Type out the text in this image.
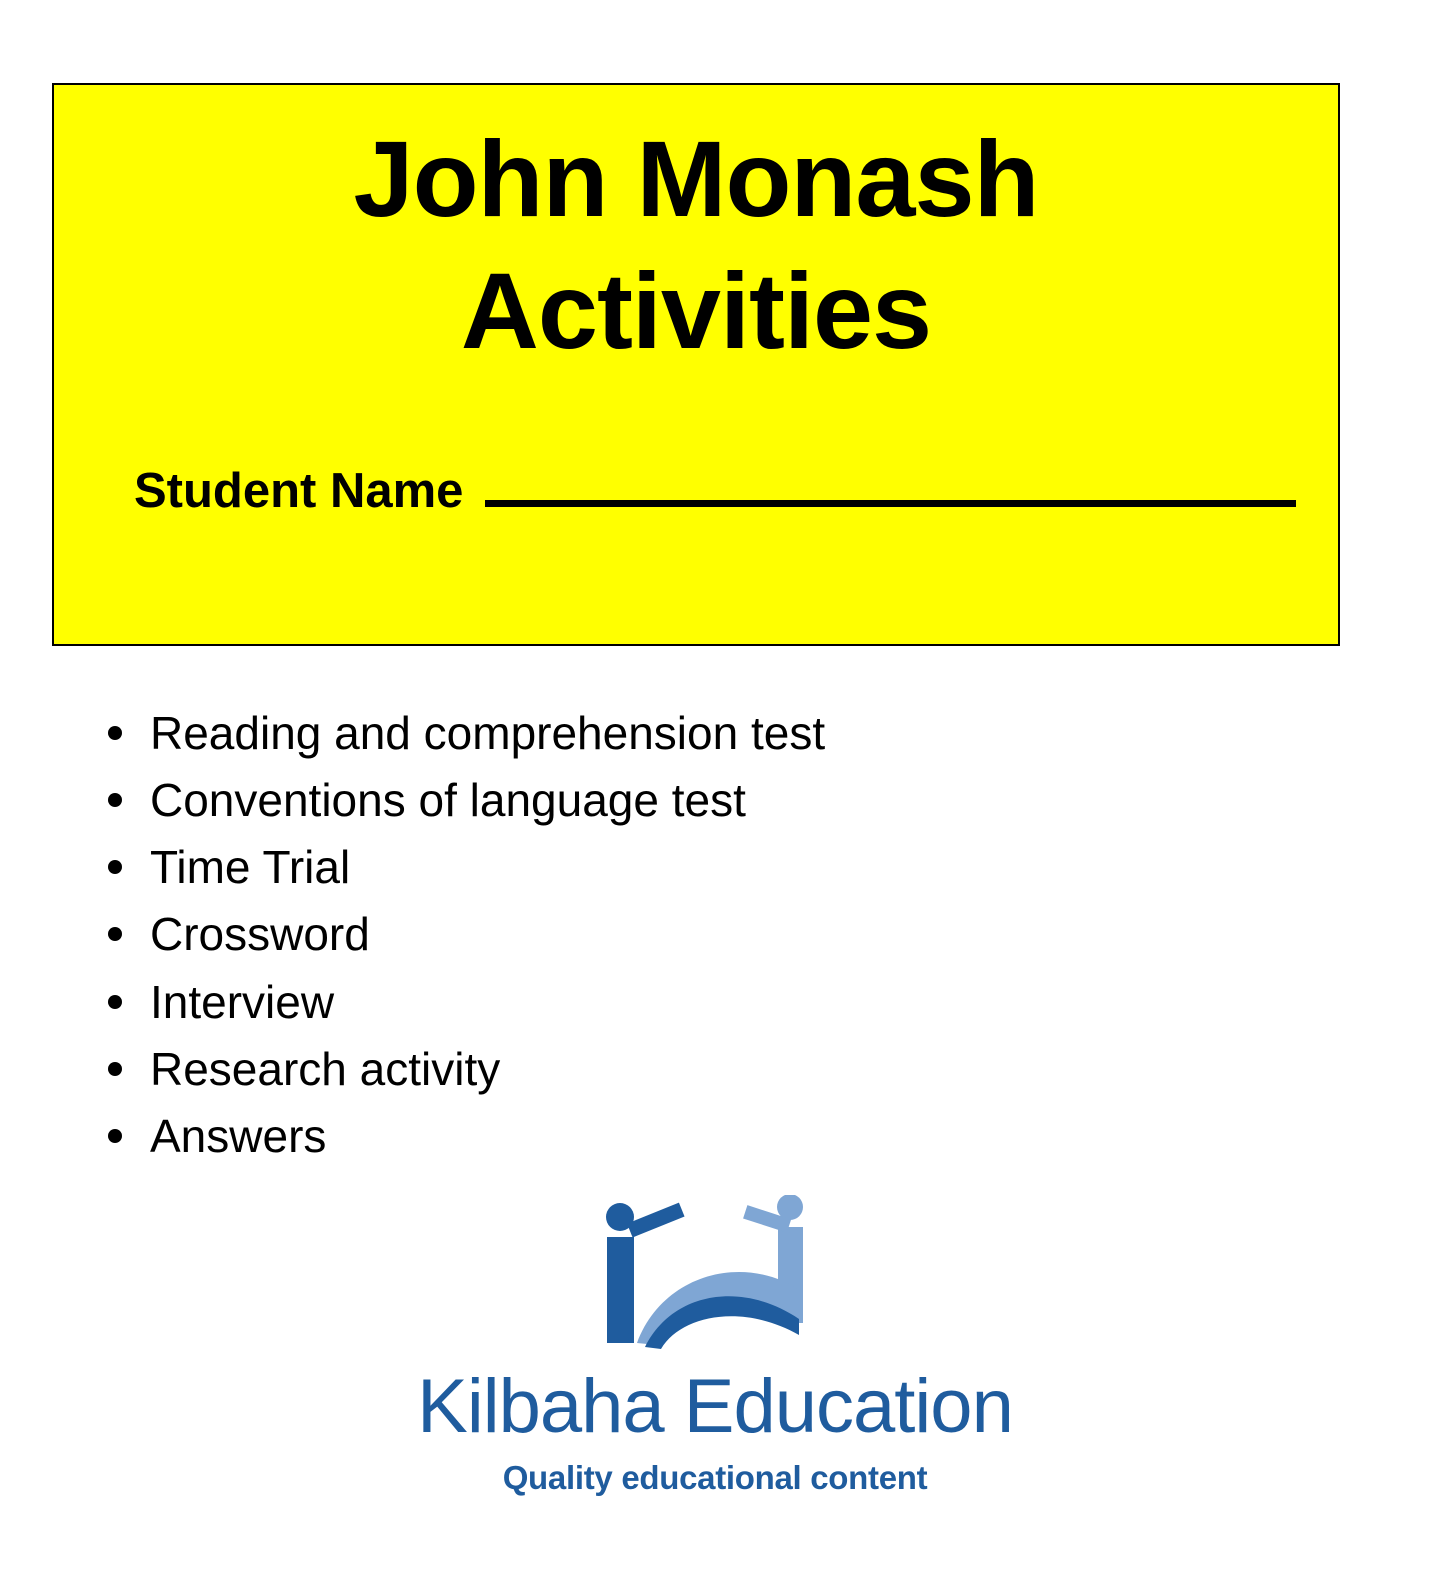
John Monash
Activities
Student Name
Reading and comprehension test
Conventions of language test
Time Trial
Crossword
Interview
Research activity
Answers
Kilbaha Education
Quality educational content
